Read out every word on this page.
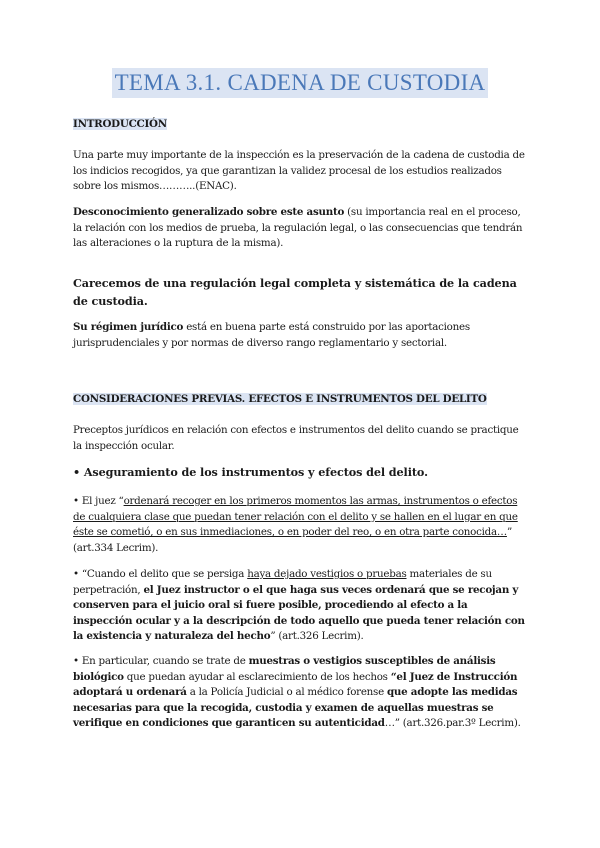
TEMA 3.1. CADENA DE CUSTODIA
INTRODUCCIÓN
Una parte muy importante de la inspección es la preservación de la cadena de custodia de los indicios recogidos, ya que garantizan la validez procesal de los estudios realizados sobre los mismos………..(ENAC).
Desconocimiento generalizado sobre este asunto (su importancia real en el proceso, la relación con los medios de prueba, la regulación legal, o las consecuencias que tendrán las alteraciones o la ruptura de la misma).
Carecemos de una regulación legal completa y sistemática de la cadena de custodia.
Su régimen jurídico está en buena parte está construido por las aportaciones jurisprudenciales y por normas de diverso rango reglamentario y sectorial.
CONSIDERACIONES PREVIAS. EFECTOS E INSTRUMENTOS DEL DELITO
Preceptos jurídicos en relación con efectos e instrumentos del delito cuando se practique la inspección ocular.
• Aseguramiento de los instrumentos y efectos del delito.
• El juez “ordenará recoger en los primeros momentos las armas, instrumentos o efectos de cualquiera clase que puedan tener relación con el delito y se hallen en el lugar en que éste se cometió, o en sus inmediaciones, o en poder del reo, o en otra parte conocida…” (art.334 Lecrim).
• “Cuando el delito que se persiga haya dejado vestigios o pruebas materiales de su perpetración, el Juez instructor o el que haga sus veces ordenará que se recojan y conserven para el juicio oral si fuere posible, procediendo al efecto a la inspección ocular y a la descripción de todo aquello que pueda tener relación con la existencia y naturaleza del hecho” (art.326 Lecrim).
• En particular, cuando se trate de muestras o vestigios susceptibles de análisis biológico que puedan ayudar al esclarecimiento de los hechos “el Juez de Instrucción adoptará u ordenará a la Policía Judicial o al médico forense que adopte las medidas necesarias para que la recogida, custodia y examen de aquellas muestras se verifique en condiciones que garanticen su autenticidad…” (art.326.par.3º Lecrim).
